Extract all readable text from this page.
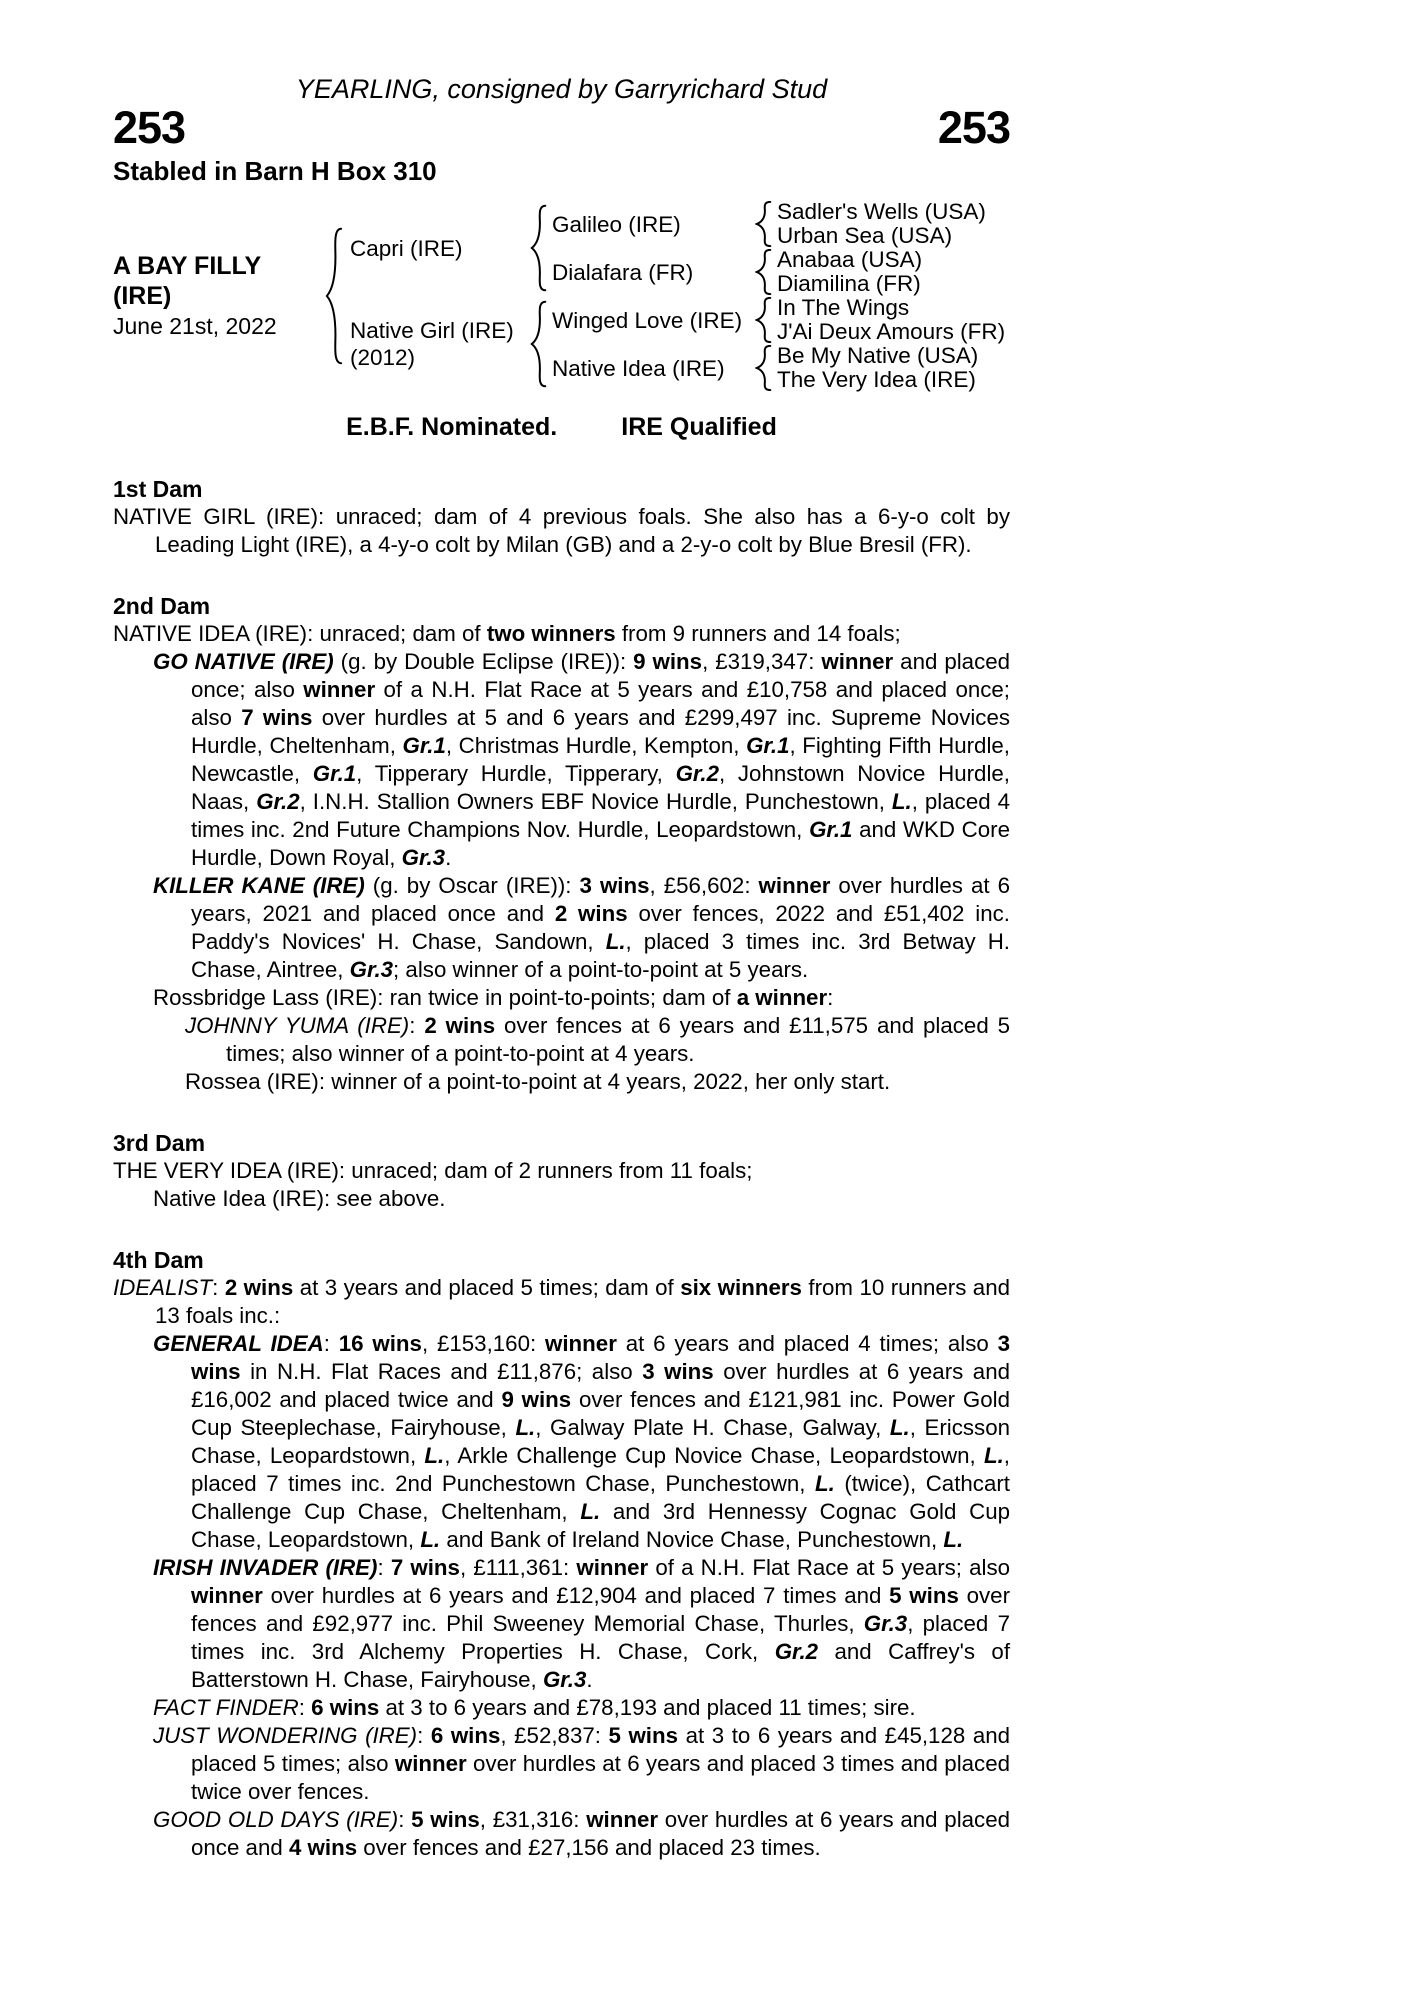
YEARLING, consigned by Garryrichard Stud
253	253
Stabled in Barn H Box 310
A BAY FILLY
(IRE)
June 21st, 2022
Capri (IRE)
Native Girl (IRE)
(2012)
Galileo (IRE)
Dialafara (FR)
Winged Love (IRE)
Native Idea (IRE)
Sadler's Wells (USA)
Urban Sea (USA)
Anabaa (USA)
Diamilina (FR)
In The Wings
J'Ai Deux Amours (FR)
Be My Native (USA)
The Very Idea (IRE)
E.B.F. Nominated.	IRE Qualified
1st Dam

NATIVE GIRL (IRE): unraced; dam of 4 previous foals. She also has a 6-y-o colt by Leading Light (IRE), a 4-y-o colt by Milan (GB) and a 2-y-o colt by Blue Bresil (FR).

2nd Dam

NATIVE IDEA (IRE): unraced; dam of two winners from 9 runners and 14 foals;

GO NATIVE (IRE) (g. by Double Eclipse (IRE)): 9 wins, £319,347: winner and placed once; also winner of a N.H. Flat Race at 5 years and £10,758 and placed once; also 7 wins over hurdles at 5 and 6 years and £299,497 inc. Supreme Novices Hurdle, Cheltenham, Gr.1, Christmas Hurdle, Kempton, Gr.1, Fighting Fifth Hurdle, Newcastle, Gr.1, Tipperary Hurdle, Tipperary, Gr.2, Johnstown Novice Hurdle, Naas, Gr.2, I.N.H. Stallion Owners EBF Novice Hurdle, Punchestown, L., placed 4 times inc. 2nd Future Champions Nov. Hurdle, Leopardstown, Gr.1 and WKD Core Hurdle, Down Royal, Gr.3.

KILLER KANE (IRE) (g. by Oscar (IRE)): 3 wins, £56,602: winner over hurdles at 6 years, 2021 and placed once and 2 wins over fences, 2022 and £51,402 inc. Paddy's Novices' H. Chase, Sandown, L., placed 3 times inc. 3rd Betway H. Chase, Aintree, Gr.3; also winner of a point-to-point at 5 years.

Rossbridge Lass (IRE): ran twice in point-to-points; dam of a winner:

JOHNNY YUMA (IRE): 2 wins over fences at 6 years and £11,575 and placed 5 times; also winner of a point-to-point at 4 years.

Rossea (IRE): winner of a point-to-point at 4 years, 2022, her only start.

3rd Dam

THE VERY IDEA (IRE): unraced; dam of 2 runners from 11 foals;

Native Idea (IRE): see above.

4th Dam

IDEALIST: 2 wins at 3 years and placed 5 times; dam of six winners from 10 runners and 13 foals inc.:

GENERAL IDEA: 16 wins, £153,160: winner at 6 years and placed 4 times; also 3 wins in N.H. Flat Races and £11,876; also 3 wins over hurdles at 6 years and £16,002 and placed twice and 9 wins over fences and £121,981 inc. Power Gold Cup Steeplechase, Fairyhouse, L., Galway Plate H. Chase, Galway, L., Ericsson Chase, Leopardstown, L., Arkle Challenge Cup Novice Chase, Leopardstown, L., placed 7 times inc. 2nd Punchestown Chase, Punchestown, L. (twice), Cathcart Challenge Cup Chase, Cheltenham, L. and 3rd Hennessy Cognac Gold Cup Chase, Leopardstown, L. and Bank of Ireland Novice Chase, Punchestown, L.

IRISH INVADER (IRE): 7 wins, £111,361: winner of a N.H. Flat Race at 5 years; also winner over hurdles at 6 years and £12,904 and placed 7 times and 5 wins over fences and £92,977 inc. Phil Sweeney Memorial Chase, Thurles, Gr.3, placed 7 times inc. 3rd Alchemy Properties H. Chase, Cork, Gr.2 and Caffrey's of Batterstown H. Chase, Fairyhouse, Gr.3.

FACT FINDER: 6 wins at 3 to 6 years and £78,193 and placed 11 times; sire.

JUST WONDERING (IRE): 6 wins, £52,837: 5 wins at 3 to 6 years and £45,128 and placed 5 times; also winner over hurdles at 6 years and placed 3 times and placed twice over fences.

GOOD OLD DAYS (IRE): 5 wins, £31,316: winner over hurdles at 6 years and placed once and 4 wins over fences and £27,156 and placed 23 times.
